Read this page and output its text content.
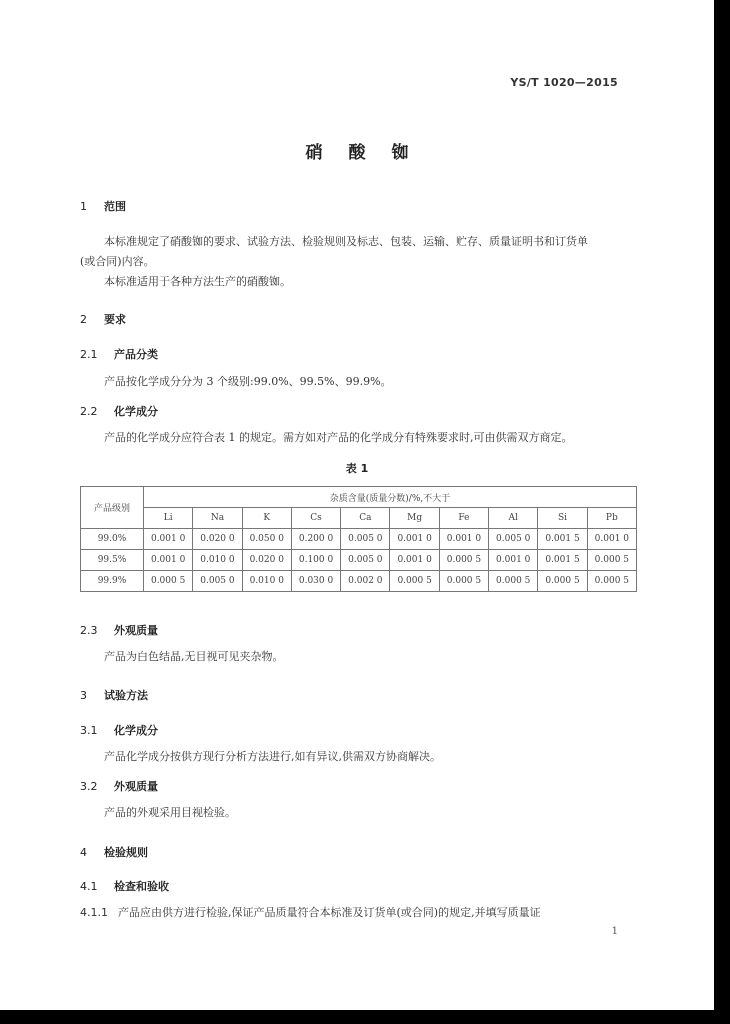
YS/T 1020—2015
硝酸铷
1 范围
本标准规定了硝酸铷的要求、试验方法、检验规则及标志、包装、运输、贮存、质量证明书和订货单
(或合同)内容。
本标准适用于各种方法生产的硝酸铷。
2 要求
2.1 产品分类
产品按化学成分分为 3 个级别:99.0%、99.5%、99.9%。
2.2 化学成分
产品的化学成分应符合表 1 的规定。需方如对产品的化学成分有特殊要求时,可由供需双方商定。
表 1
产品级别	杂质含量(质量分数)/%,不大于									
	Li	Na	K	Cs	Ca	Mg	Fe	Al	Si	Pb
99.0%	0.001 0	0.020 0	0.050 0	0.200 0	0.005 0	0.001 0	0.001 0	0.005 0	0.001 5	0.001 0
99.5%	0.001 0	0.010 0	0.020 0	0.100 0	0.005 0	0.001 0	0.000 5	0.001 0	0.001 5	0.000 5
99.9%	0.000 5	0.005 0	0.010 0	0.030 0	0.002 0	0.000 5	0.000 5	0.000 5	0.000 5	0.000 5
2.3 外观质量
产品为白色结晶,无目视可见夹杂物。
3 试验方法
3.1 化学成分
产品化学成分按供方现行分析方法进行,如有异议,供需双方协商解决。
3.2 外观质量
产品的外观采用目视检验。
4 检验规则
4.1 检查和验收
4.1.1 产品应由供方进行检验,保证产品质量符合本标准及订货单(或合同)的规定,并填写质量证
1
